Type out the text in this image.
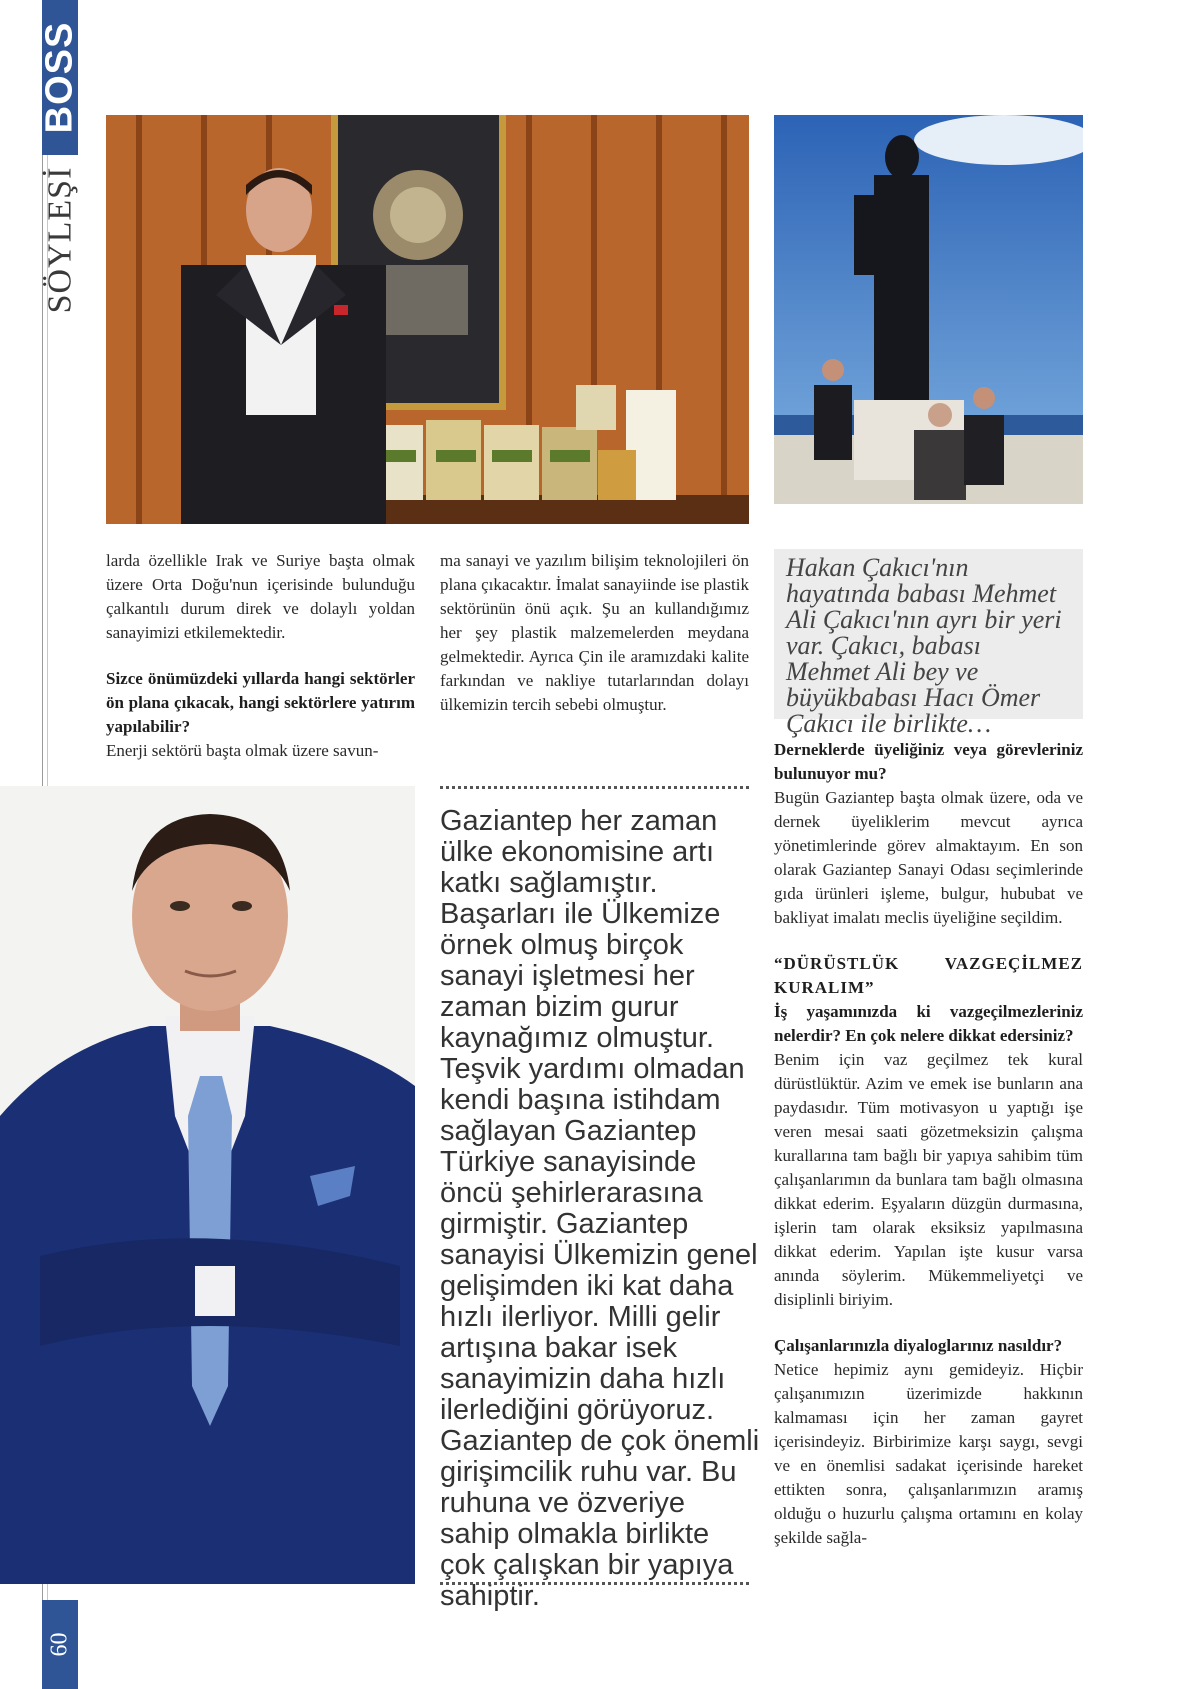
BOSS
SÖYLEŞİ
60

larda özellikle Irak ve Suriye başta olmak üzere Orta Doğu'nun içerisinde bulunduğu çalkantılı durum direk ve dolaylı yoldan sanayimizi etkilemektedir.

Sizce önümüzdeki yıllarda hangi sektörler ön plana çıkacak, hangi sektörlere yatırım yapılabilir?

Enerji sektörü başta olmak üzere savun-

ma sanayi ve yazılım bilişim teknolojileri ön plana çıkacaktır. İmalat sanayiinde ise plastik sektörünün önü açık. Şu an kullandığımız her şey plastik malzemelerden meydana gelmektedir. Ayrıca Çin ile aramızdaki kalite farkından ve nakliye tutarlarından dolayı ülkemizin tercih sebebi olmuştur.

Hakan Çakıcı'nın hayatında babası Mehmet Ali Çakıcı'nın ayrı bir yeri var. Çakıcı, babası Mehmet Ali bey ve büyükbabası Hacı Ömer Çakıcı ile birlikte…
Gaziantep her zaman ülke ekonomisine artı katkı sağlamıştır. Başarları ile Ülkemize örnek olmuş birçok sanayi işletmesi her zaman bizim gurur kaynağımız olmuştur. Teşvik yardımı olmadan kendi başına istihdam sağlayan Gaziantep Türkiye sanayisinde öncü şehirlerarasına girmiştir. Gaziantep sanayisi Ülkemizin genel gelişimden iki kat daha hızlı ilerliyor. Milli gelir artışına bakar isek sanayimizin daha hızlı ilerlediğini görüyoruz. Gaziantep de çok önemli girişimcilik ruhu var. Bu ruhuna ve özveriye sahip olmakla birlikte çok çalışkan bir yapıya sahiptir.

Derneklerde üyeliğiniz veya görevleriniz bulunuyor mu?

Bugün Gaziantep başta olmak üzere, oda ve dernek üyeliklerim mevcut ayrıca yönetimlerinde görev almaktayım. En son olarak Gaziantep Sanayi Odası seçimlerinde gıda ürünleri işleme, bulgur, hububat ve bakliyat imalatı meclis üyeliğine seçildim.

“DÜRÜSTLÜK VAZGEÇİLMEZ KURALIM”

İş yaşamınızda ki vazgeçilmezleriniz nelerdir? En çok nelere dikkat edersiniz?

Benim için vaz geçilmez tek kural dürüstlüktür. Azim ve emek ise bunların ana paydasıdır. Tüm motivasyon u yaptığı işe veren mesai saati gözetmeksizin çalışma kurallarına tam bağlı bir yapıya sahibim tüm çalışanlarımın da bunlara tam bağlı olmasına dikkat ederim. Eşyaların düzgün durmasına, işlerin tam olarak eksiksiz yapılmasına dikkat ederim. Yapılan işte kusur varsa anında söylerim. Mükemmeliyetçi ve disiplinli biriyim.

Çalışanlarınızla diyaloglarınız nasıldır?

Netice hepimiz aynı gemideyiz. Hiçbir çalışanımızın üzerimizde hakkının kalmaması için her zaman gayret içerisindeyiz. Birbirimize karşı saygı, sevgi ve en önemlisi sadakat içerisinde hareket ettikten sonra, çalışanlarımızın aramış olduğu o huzurlu çalışma ortamını en kolay şekilde sağla-
